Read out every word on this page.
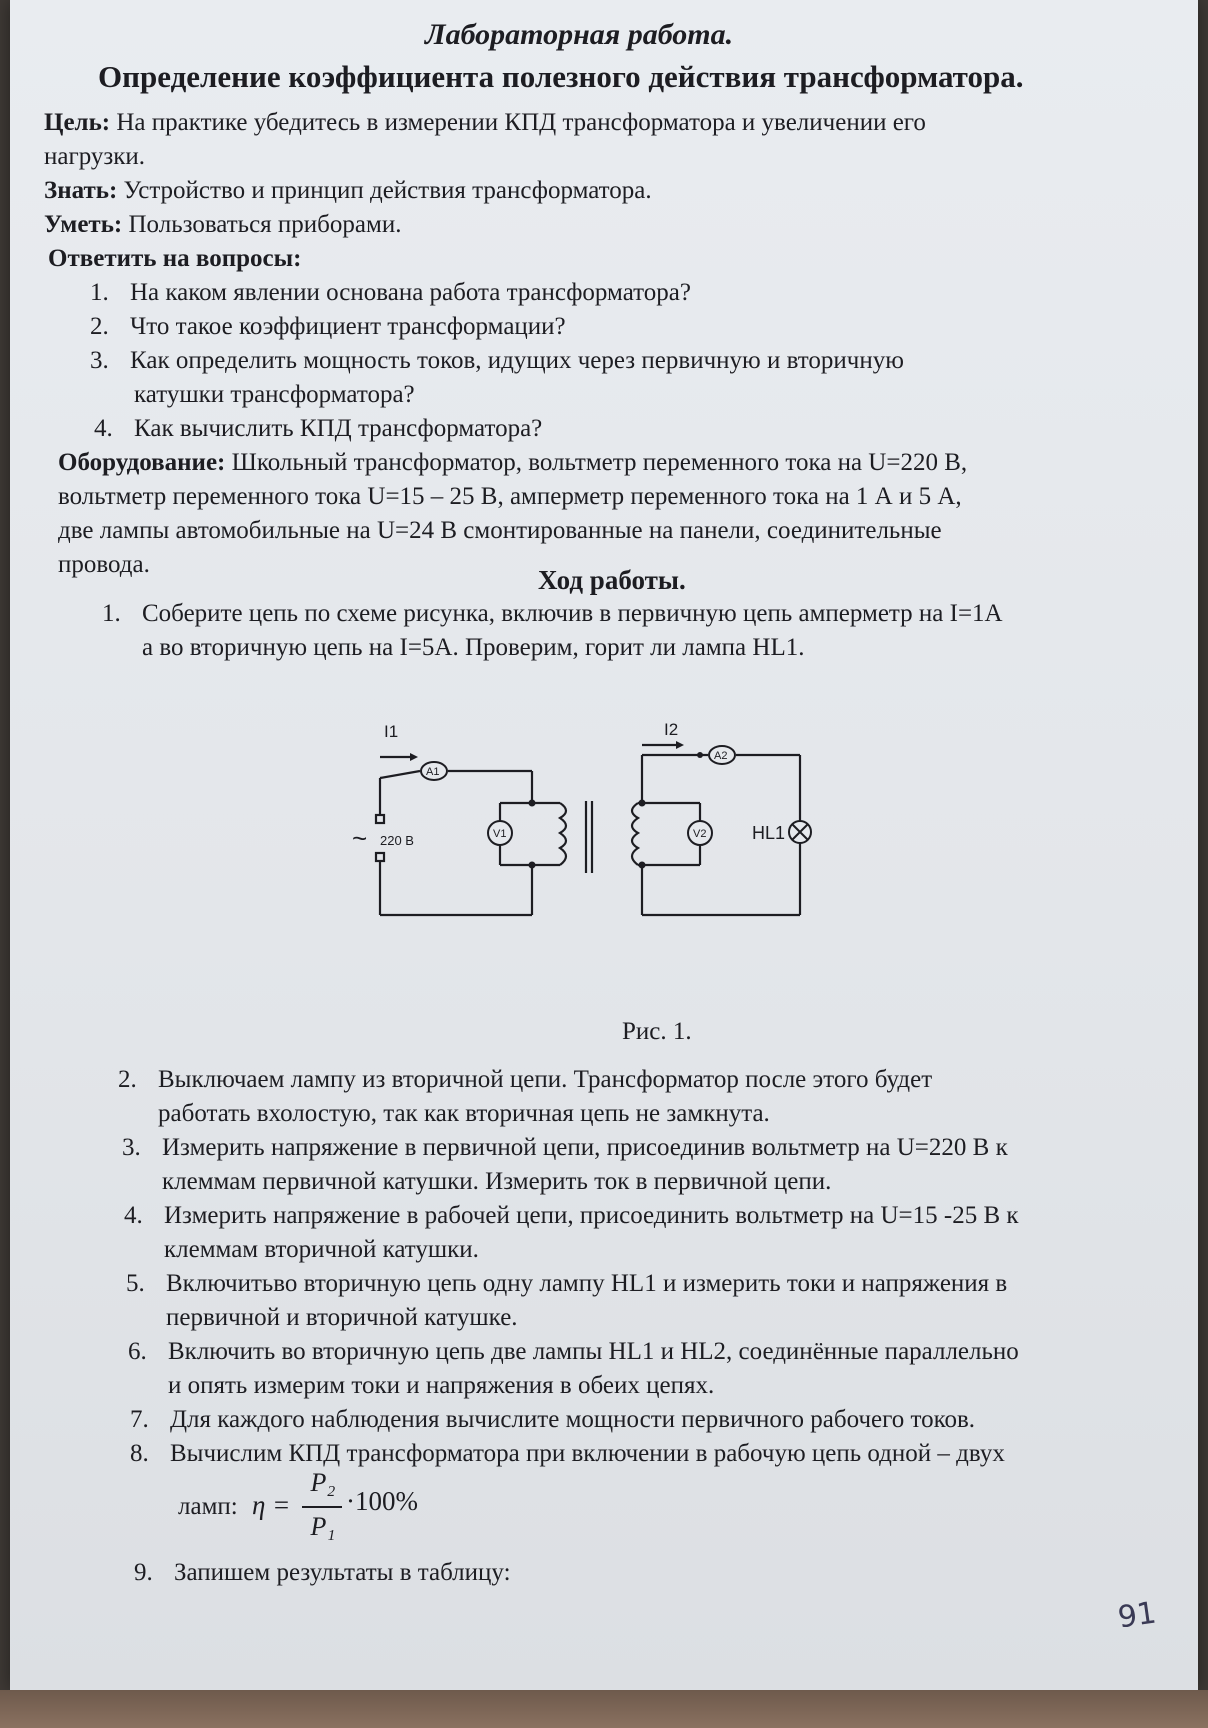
Лабораторная работа.
Определение коэффициента полезного действия трансформатора.
Цель: На практике убедитесь в измерении КПД трансформатора и увеличении его
нагрузки.
Знать: Устройство и принцип действия трансформатора.
Уметь: Пользоваться приборами.
Ответить на вопросы:
1. На каком явлении основана работа трансформатора?
2. Что такое коэффициент трансформации?
3. Как определить мощность токов, идущих через первичную и вторичную
катушки трансформатора?
4. Как вычислить КПД трансформатора?
Оборудование: Школьный трансформатор, вольтметр переменного тока на U=220 В,
вольтметр переменного тока U=15 – 25 В, амперметр переменного тока на 1 А и 5 А,
две лампы автомобильные на U=24 В смонтированные на панели, соединительные
провода.
Ход работы.
1. Соберите цепь по схеме рисунка, включив в первичную цепь амперметр на I=1А
а во вторичную цепь на I=5А. Проверим, горит ли лампа HL1.
A1
A2
V1	V2
I1	I2
~ 220 В	HL1
Рис. 1.
2. Выключаем лампу из вторичной цепи. Трансформатор после этого будет
работать вхолостую, так как вторичная цепь не замкнута.
3. Измерить напряжение в первичной цепи, присоединив вольтметр на U=220 В к
клеммам первичной катушки. Измерить ток в первичной цепи.
4. Измерить напряжение в рабочей цепи, присоединить вольтметр на U=15 -25 В к
клеммам вторичной катушки.
5. Включитьво вторичную цепь одну лампу HL1 и измерить токи и напряжения в
первичной и вторичной катушке.
6. Включить во вторичную цепь две лампы HL1 и HL2, соединённые параллельно
и опять измерим токи и напряжения в обеих цепях.
7. Для каждого наблюдения вычислите мощности первичного рабочего токов.
8. Вычислим КПД трансформатора при включении в рабочую цепь одной – двух
ламп: η =
P₂
P₁
·100%
9. Запишем результаты в таблицу:
91
